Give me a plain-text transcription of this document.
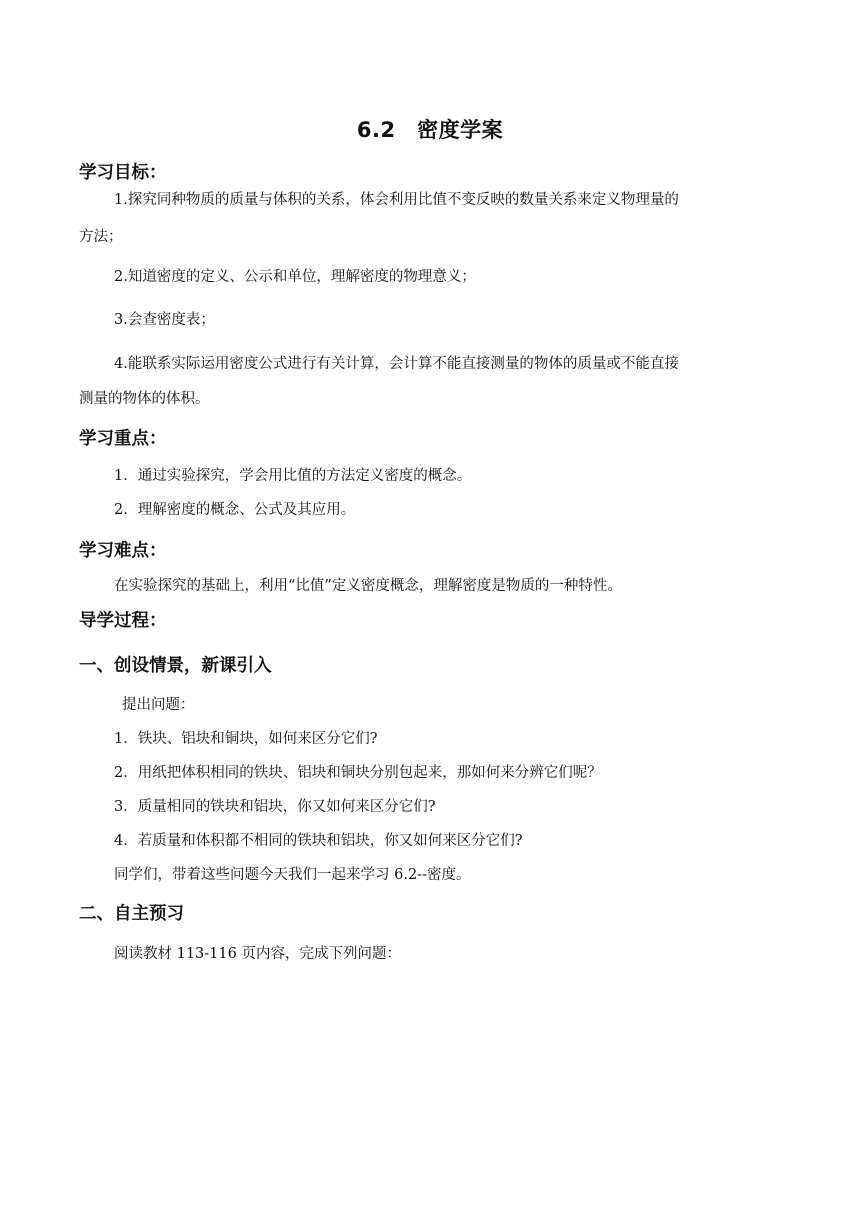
6.2　密度学案
学习目标：
1.探究同种物质的质量与体积的关系，体会利用比值不变反映的数量关系来定义物理量的
方法；
2.知道密度的定义、公示和单位，理解密度的物理意义；
3.会查密度表；
4.能联系实际运用密度公式进行有关计算，会计算不能直接测量的物体的质量或不能直接
测量的物体的体积。
学习重点：
1．通过实验探究，学会用比值的方法定义密度的概念。
2．理解密度的概念、公式及其应用。
学习难点：
在实验探究的基础上，利用“比值”定义密度概念，理解密度是物质的一种特性。
导学过程：
一、创设情景，新课引入
提出问题：
1．铁块、铝块和铜块，如何来区分它们?
2．用纸把体积相同的铁块、铝块和铜块分别包起来，那如何来分辨它们呢？
3．质量相同的铁块和铝块，你又如何来区分它们?
4．若质量和体积都不相同的铁块和铝块，你又如何来区分它们?
同学们，带着这些问题今天我们一起来学习 6.2--密度。
二、自主预习
阅读教材 113-116 页内容，完成下列问题：
